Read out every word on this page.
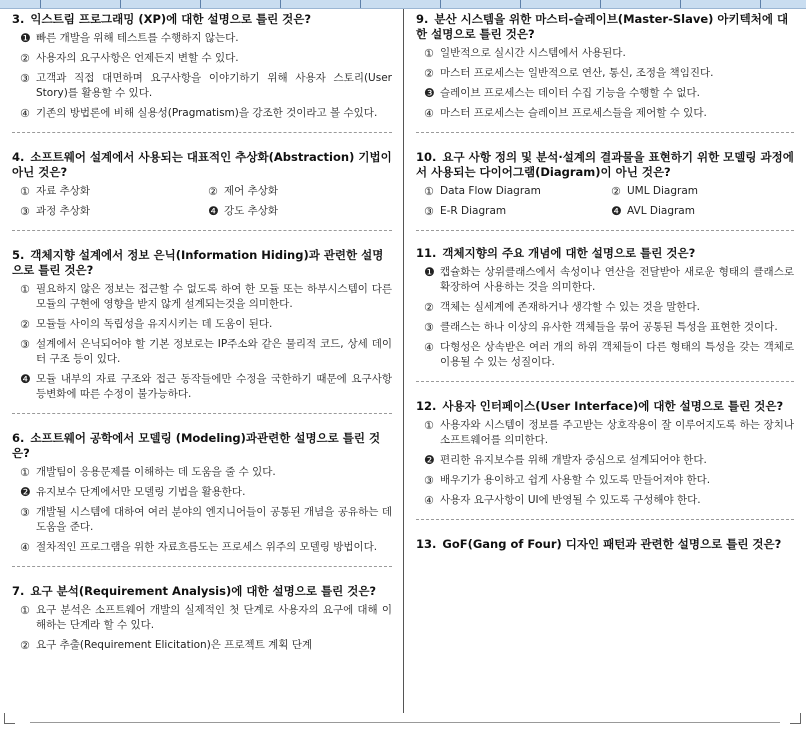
3. 익스트림 프로그래밍 (XP)에 대한 설명으로 틀린 것은?
❶ 빠른 개발을 위해 테스트를 수행하지 않는다.
② 사용자의 요구사항은 언제든지 변할 수 있다.
③ 고객과 직접 대면하며 요구사항을 이야기하기 위해 사용자 스토리(User Story)를 활용할 수 있다.
④ 기존의 방법론에 비해 실용성(Pragmatism)을 강조한 것이라고 볼 수있다.
4. 소프트웨어 설계에서 사용되는 대표적인 추상화(Abstraction) 기법이 아닌 것은?
① 자료 추상화	② 제어 추상화
③ 과정 추상화	❹ 강도 추상화
5. 객체지향 설계에서 정보 은닉(Information Hiding)과 관련한 설명으로 틀린 것은?
① 필요하지 않은 정보는 접근할 수 없도록 하여 한 모듈 또는 하부시스템이 다른 모듈의 구현에 영향을 받지 않게 설계되는것을 의미한다.
② 모듈들 사이의 독립성을 유지시키는 데 도움이 된다.
③ 설계에서 은닉되어야 할 기본 정보로는 IP주소와 같은 물리적 코드, 상세 데이터 구조 등이 있다.
❹ 모듈 내부의 자료 구조와 접근 동작들에만 수정을 국한하기 때문에 요구사항 등변화에 따른 수정이 불가능하다.
6. 소프트웨어 공학에서 모델링 (Modeling)과관련한 설명으로 틀린 것은?
① 개발팀이 응용문제를 이해하는 데 도움을 줄 수 있다.
❷ 유지보수 단계에서만 모델링 기법을 활용한다.
③ 개발될 시스템에 대하여 여러 분야의 엔지니어들이 공통된 개념을 공유하는 데 도움을 준다.
④ 절차적인 프로그램을 위한 자료흐름도는 프로세스 위주의 모델링 방법이다.
7. 요구 분석(Requirement Analysis)에 대한 설명으로 틀린 것은?
① 요구 분석은 소프트웨어 개발의 실제적인 첫 단계로 사용자의 요구에 대해 이해하는 단계라 할 수 있다.
② 요구 추출(Requirement Elicitation)은 프로젝트 계획 단계
9. 분산 시스템을 위한 마스터-슬레이브(Master-Slave) 아키텍처에 대한 설명으로 틀린 것은?
① 일반적으로 실시간 시스템에서 사용된다.
② 마스터 프로세스는 일반적으로 연산, 통신, 조정을 책임진다.
❸ 슬레이브 프로세스는 데이터 수집 기능을 수행할 수 없다.
④ 마스터 프로세스는 슬레이브 프로세스들을 제어할 수 있다.
10. 요구 사항 정의 및 분석·설계의 결과물을 표현하기 위한 모델링 과정에서 사용되는 다이어그램(Diagram)이 아닌 것은?
① Data Flow Diagram	② UML Diagram
③ E-R Diagram	❹ AVL Diagram
11. 객체지향의 주요 개념에 대한 설명으로 틀린 것은?
❶ 캡슐화는 상위클래스에서 속성이나 연산을 전달받아 새로운 형태의 클래스로 확장하여 사용하는 것을 의미한다.
② 객체는 실세계에 존재하거나 생각할 수 있는 것을 말한다.
③ 클래스는 하나 이상의 유사한 객체들을 묶어 공통된 특성을 표현한 것이다.
④ 다형성은 상속받은 여러 개의 하위 객체들이 다른 형태의 특성을 갖는 객체로 이용될 수 있는 성질이다.
12. 사용자 인터페이스(User Interface)에 대한 설명으로 틀린 것은?
① 사용자와 시스템이 정보를 주고받는 상호작용이 잘 이루어지도록 하는 장치나 소프트웨어를 의미한다.
❷ 편리한 유지보수를 위해 개발자 중심으로 설계되어야 한다.
③ 배우기가 용이하고 쉽게 사용할 수 있도록 만들어져야 한다.
④ 사용자 요구사항이 UI에 반영될 수 있도록 구성해야 한다.
13. GoF(Gang of Four) 디자인 패턴과 관련한 설명으로 틀린 것은?
